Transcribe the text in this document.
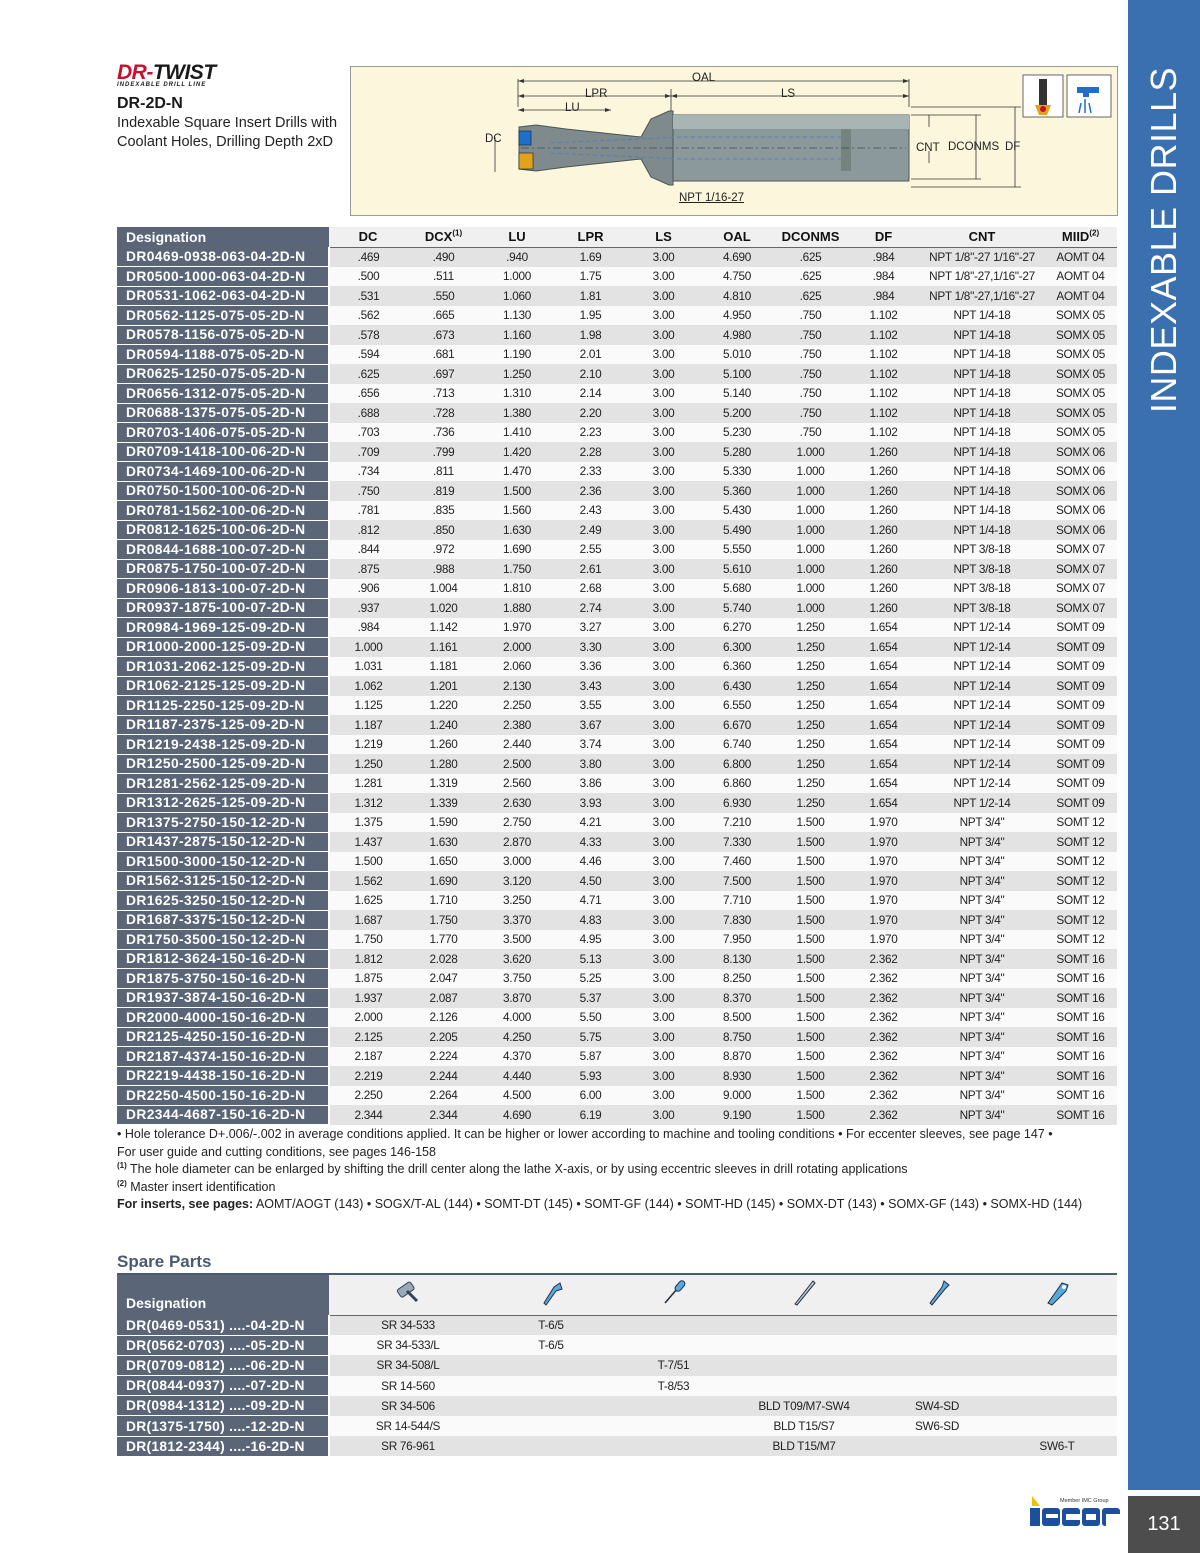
INDEXABLE DRILLS
131
DR-TWIST
INDEXABLE DRILL LINE
DR-2D-N
Indexable Square Insert Drills with Coolant Holes, Drilling Depth 2xD
OAL
LPR
LU
LS
DC
CNT DCONMS DF
NPT 1/16-27
Designation	DC	DCX$^{(1)}$	LU	LPR	LS	OAL	DCONMS	DF	CNT	MIID$^{(2)}$
DR0469-0938-063-04-2D-N	.469	.490	.940	1.69	3.00	4.690	.625	.984	NPT 1/8"-27 1/16"-27	AOMT 04
DR0500-1000-063-04-2D-N	.500	.511	1.000	1.75	3.00	4.750	.625	.984	NPT 1/8"-27,1/16"-27	AOMT 04
DR0531-1062-063-04-2D-N	.531	.550	1.060	1.81	3.00	4.810	.625	.984	NPT 1/8"-27,1/16"-27	AOMT 04
DR0562-1125-075-05-2D-N	.562	.665	1.130	1.95	3.00	4.950	.750	1.102	NPT 1/4-18	SOMX 05
DR0578-1156-075-05-2D-N	.578	.673	1.160	1.98	3.00	4.980	.750	1.102	NPT 1/4-18	SOMX 05
DR0594-1188-075-05-2D-N	.594	.681	1.190	2.01	3.00	5.010	.750	1.102	NPT 1/4-18	SOMX 05
DR0625-1250-075-05-2D-N	.625	.697	1.250	2.10	3.00	5.100	.750	1.102	NPT 1/4-18	SOMX 05
DR0656-1312-075-05-2D-N	.656	.713	1.310	2.14	3.00	5.140	.750	1.102	NPT 1/4-18	SOMX 05
DR0688-1375-075-05-2D-N	.688	.728	1.380	2.20	3.00	5.200	.750	1.102	NPT 1/4-18	SOMX 05
DR0703-1406-075-05-2D-N	.703	.736	1.410	2.23	3.00	5.230	.750	1.102	NPT 1/4-18	SOMX 05
DR0709-1418-100-06-2D-N	.709	.799	1.420	2.28	3.00	5.280	1.000	1.260	NPT 1/4-18	SOMX 06
DR0734-1469-100-06-2D-N	.734	.811	1.470	2.33	3.00	5.330	1.000	1.260	NPT 1/4-18	SOMX 06
DR0750-1500-100-06-2D-N	.750	.819	1.500	2.36	3.00	5.360	1.000	1.260	NPT 1/4-18	SOMX 06
DR0781-1562-100-06-2D-N	.781	.835	1.560	2.43	3.00	5.430	1.000	1.260	NPT 1/4-18	SOMX 06
DR0812-1625-100-06-2D-N	.812	.850	1.630	2.49	3.00	5.490	1.000	1.260	NPT 1/4-18	SOMX 06
DR0844-1688-100-07-2D-N	.844	.972	1.690	2.55	3.00	5.550	1.000	1.260	NPT 3/8-18	SOMX 07
DR0875-1750-100-07-2D-N	.875	.988	1.750	2.61	3.00	5.610	1.000	1.260	NPT 3/8-18	SOMX 07
DR0906-1813-100-07-2D-N	.906	1.004	1.810	2.68	3.00	5.680	1.000	1.260	NPT 3/8-18	SOMX 07
DR0937-1875-100-07-2D-N	.937	1.020	1.880	2.74	3.00	5.740	1.000	1.260	NPT 3/8-18	SOMX 07
DR0984-1969-125-09-2D-N	.984	1.142	1.970	3.27	3.00	6.270	1.250	1.654	NPT 1/2-14	SOMT 09
DR1000-2000-125-09-2D-N	1.000	1.161	2.000	3.30	3.00	6.300	1.250	1.654	NPT 1/2-14	SOMT 09
DR1031-2062-125-09-2D-N	1.031	1.181	2.060	3.36	3.00	6.360	1.250	1.654	NPT 1/2-14	SOMT 09
DR1062-2125-125-09-2D-N	1.062	1.201	2.130	3.43	3.00	6.430	1.250	1.654	NPT 1/2-14	SOMT 09
DR1125-2250-125-09-2D-N	1.125	1.220	2.250	3.55	3.00	6.550	1.250	1.654	NPT 1/2-14	SOMT 09
DR1187-2375-125-09-2D-N	1.187	1.240	2.380	3.67	3.00	6.670	1.250	1.654	NPT 1/2-14	SOMT 09
DR1219-2438-125-09-2D-N	1.219	1.260	2.440	3.74	3.00	6.740	1.250	1.654	NPT 1/2-14	SOMT 09
DR1250-2500-125-09-2D-N	1.250	1.280	2.500	3.80	3.00	6.800	1.250	1.654	NPT 1/2-14	SOMT 09
DR1281-2562-125-09-2D-N	1.281	1.319	2.560	3.86	3.00	6.860	1.250	1.654	NPT 1/2-14	SOMT 09
DR1312-2625-125-09-2D-N	1.312	1.339	2.630	3.93	3.00	6.930	1.250	1.654	NPT 1/2-14	SOMT 09
DR1375-2750-150-12-2D-N	1.375	1.590	2.750	4.21	3.00	7.210	1.500	1.970	NPT 3/4"	SOMT 12
DR1437-2875-150-12-2D-N	1.437	1.630	2.870	4.33	3.00	7.330	1.500	1.970	NPT 3/4"	SOMT 12
DR1500-3000-150-12-2D-N	1.500	1.650	3.000	4.46	3.00	7.460	1.500	1.970	NPT 3/4"	SOMT 12
DR1562-3125-150-12-2D-N	1.562	1.690	3.120	4.50	3.00	7.500	1.500	1.970	NPT 3/4"	SOMT 12
DR1625-3250-150-12-2D-N	1.625	1.710	3.250	4.71	3.00	7.710	1.500	1.970	NPT 3/4"	SOMT 12
DR1687-3375-150-12-2D-N	1.687	1.750	3.370	4.83	3.00	7.830	1.500	1.970	NPT 3/4"	SOMT 12
DR1750-3500-150-12-2D-N	1.750	1.770	3.500	4.95	3.00	7.950	1.500	1.970	NPT 3/4"	SOMT 12
DR1812-3624-150-16-2D-N	1.812	2.028	3.620	5.13	3.00	8.130	1.500	2.362	NPT 3/4"	SOMT 16
DR1875-3750-150-16-2D-N	1.875	2.047	3.750	5.25	3.00	8.250	1.500	2.362	NPT 3/4"	SOMT 16
DR1937-3874-150-16-2D-N	1.937	2.087	3.870	5.37	3.00	8.370	1.500	2.362	NPT 3/4"	SOMT 16
DR2000-4000-150-16-2D-N	2.000	2.126	4.000	5.50	3.00	8.500	1.500	2.362	NPT 3/4"	SOMT 16
DR2125-4250-150-16-2D-N	2.125	2.205	4.250	5.75	3.00	8.750	1.500	2.362	NPT 3/4"	SOMT 16
DR2187-4374-150-16-2D-N	2.187	2.224	4.370	5.87	3.00	8.870	1.500	2.362	NPT 3/4"	SOMT 16
DR2219-4438-150-16-2D-N	2.219	2.244	4.440	5.93	3.00	8.930	1.500	2.362	NPT 3/4"	SOMT 16
DR2250-4500-150-16-2D-N	2.250	2.264	4.500	6.00	3.00	9.000	1.500	2.362	NPT 3/4"	SOMT 16
DR2344-4687-150-16-2D-N	2.344	2.344	4.690	6.19	3.00	9.190	1.500	2.362	NPT 3/4"	SOMT 16
• Hole tolerance D+.006/-.002 in average conditions applied. It can be higher or lower according to machine and tooling conditions • For eccenter sleeves, see page 147 •
For user guide and cutting conditions, see pages 146-158
$^{(1)}$ The hole diameter can be enlarged by shifting the drill center along the lathe X-axis, or by using eccentric sleeves in drill rotating applications
$^{(2)}$ Master insert identification
For inserts, see pages: AOMT/AOGT (143) • SOGX/T-AL (144) • SOMT-DT (145) • SOMT-GF (144) • SOMT-HD (145) • SOMX-DT (143) • SOMX-GF (143) • SOMX-HD (144)
Spare Parts
Designation						
DR(0469-0531) ....-04-2D-N	SR 34-533	T-6/5				
DR(0562-0703) ....-05-2D-N	SR 34-533/L	T-6/5				
DR(0709-0812) ....-06-2D-N	SR 34-508/L		T-7/51			
DR(0844-0937) ....-07-2D-N	SR 14-560		T-8/53			
DR(0984-1312) ....-09-2D-N	SR 34-506			BLD T09/M7-SW4	SW4-SD	
DR(1375-1750) ....-12-2D-N	SR 14-544/S			BLD T15/S7	SW6-SD	
DR(1812-2344) ....-16-2D-N	SR 76-961			BLD T15/M7		SW6-T
Member IMC Group
